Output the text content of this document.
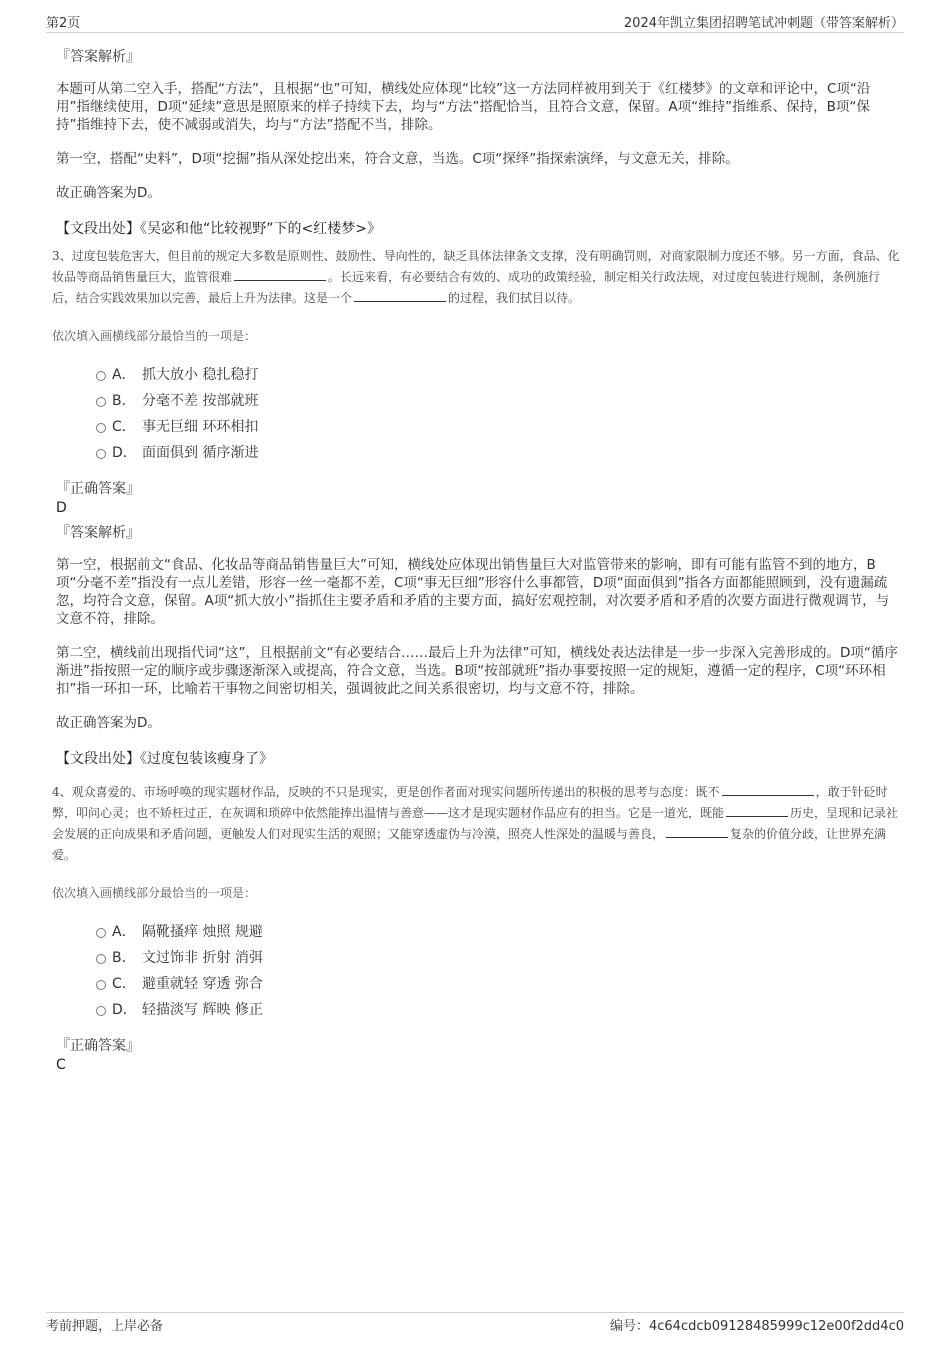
第2页	2024年凯立集团招聘笔试冲刺题（带答案解析）
『答案解析』

本题可从第二空入手，搭配“方法”，且根据“也”可知，横线处应体现“比较”这一方法同样被用到关于《红楼梦》的文章和评论中，C项“沿用”指继续使用，D项“延续”意思是照原来的样子持续下去，均与“方法”搭配恰当，且符合文意，保留。A项“维持”指维系、保持，B项“保持”指维持下去，使不减弱或消失，均与“方法”搭配不当，排除。

第一空，搭配“史料”，D项“挖掘”指从深处挖出来，符合文意，当选。C项“探绎”指探索演绎，与文意无关，排除。

故正确答案为D。

【文段出处】《吴宓和他“比较视野”下的<红楼梦>》
3、过度包装危害大，但目前的规定大多数是原则性、鼓励性、导向性的，缺乏具体法律条文支撑，没有明确罚则，对商家限制力度还不够。另一方面，食品、化妆品等商品销售量巨大，监管很难	。长远来看，有必要结合有效的、成功的政策经验，制定相关行政法规，对过度包装进行规制，条例施行后，结合实践效果加以完善，最后上升为法律。这是一个	的过程，我们拭目以待。
依次填入画横线部分最恰当的一项是：
A． 抓大放小 稳扎稳打
B． 分毫不差 按部就班
C． 事无巨细 环环相扣
D． 面面俱到 循序渐进
『正确答案』
D
『答案解析』

第一空，根据前文“食品、化妆品等商品销售量巨大”可知，横线处应体现出销售量巨大对监管带来的影响，即有可能有监管不到的地方，B项“分毫不差”指没有一点儿差错，形容一丝一毫都不差，C项“事无巨细”形容什么事都管，D项“面面俱到”指各方面都能照顾到，没有遗漏疏忽，均符合文意，保留。A项“抓大放小”指抓住主要矛盾和矛盾的主要方面，搞好宏观控制，对次要矛盾和矛盾的次要方面进行微观调节，与文意不符，排除。

第二空，横线前出现指代词“这”，且根据前文“有必要结合……最后上升为法律”可知，横线处表达法律是一步一步深入完善形成的。D项“循序渐进”指按照一定的顺序或步骤逐渐深入或提高，符合文意，当选。B项“按部就班”指办事要按照一定的规矩，遵循一定的程序，C项“环环相扣”指一环扣一环，比喻若干事物之间密切相关，强调彼此之间关系很密切，均与文意不符，排除。

故正确答案为D。

【文段出处】《过度包装该瘦身了》
4、观众喜爱的、市场呼唤的现实题材作品，反映的不只是现实，更是创作者面对现实问题所传递出的积极的思考与态度：既不	，敢于针砭时弊，叩问心灵；也不矫枉过正，在灰调和琐碎中依然能捧出温情与善意——这才是现实题材作品应有的担当。它是一道光，既能	历史，呈现和记录社会发展的正向成果和矛盾问题，更触发人们对现实生活的观照；又能穿透虚伪与冷漠，照亮人性深处的温暖与善良，	复杂的价值分歧，让世界充满爱。
依次填入画横线部分最恰当的一项是：
A． 隔靴搔痒 烛照 规避
B． 文过饰非 折射 消弭
C． 避重就轻 穿透 弥合
D． 轻描淡写 辉映 修正
『正确答案』
C
考前押题，上岸必备	编号：4c64cdcb09128485999c12e00f2dd4c0
